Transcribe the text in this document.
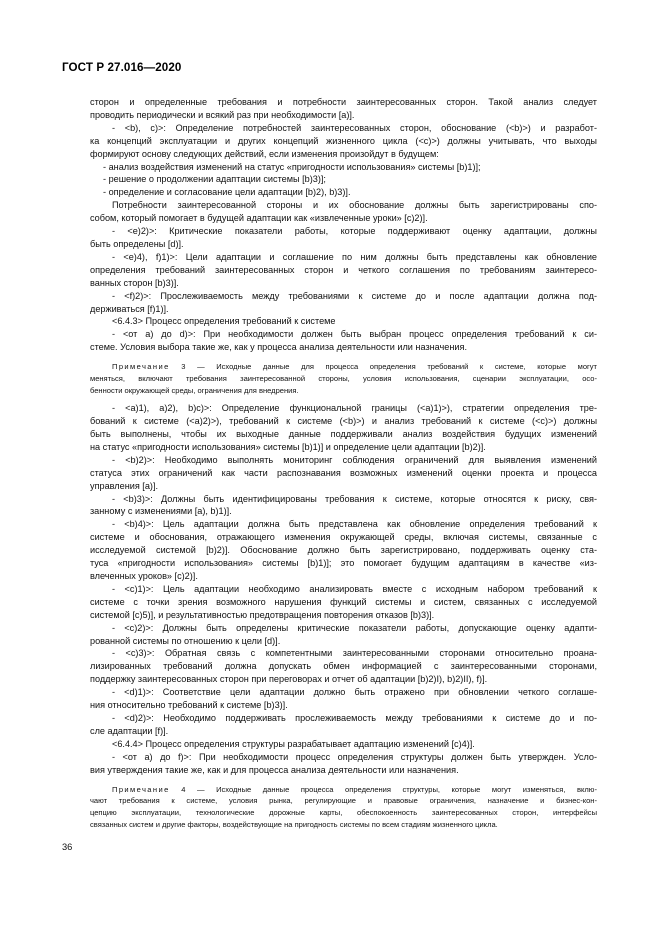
ГОСТ Р 27.016—2020

сторон и определенные требования и потребности заинтересованных сторон. Такой анализ следует

проводить периодически и всякий раз при необходимости [a)].

- <b), c)>: Определение потребностей заинтересованных сторон, обоснование (<b)>) и разработ-

ка концепций эксплуатации и других концепций жизненного цикла (<c)>) должны учитывать, что выходы

формируют основу следующих действий, если изменения произойдут в будущем:

- анализ воздействия изменений на статус «пригодности использования» системы [b)1)];

- решение о продолжении адаптации системы [b)3)];

- определение и согласование цели адаптации [b)2), b)3)].

Потребности заинтересованной стороны и их обоснование должны быть зарегистрированы спо-

собом, который помогает в будущей адаптации как «извлеченные уроки» [c)2)].

- <e)2)>: Критические показатели работы, которые поддерживают оценку адаптации, должны

быть определены [d)].

- <e)4), f)1)>: Цели адаптации и соглашение по ним должны быть представлены как обновление

определения требований заинтересованных сторон и четкого соглашения по требованиям заинтересо-

ванных сторон [b)3)].

- <f)2)>: Прослеживаемость между требованиями к системе до и после адаптации должна под-

держиваться [f)1)].

<6.4.3> Процесс определения требований к системе

- <от а) до d)>: При необходимости должен быть выбран процесс определения требований к си-

стеме. Условия выбора такие же, как у процесса анализа деятельности или назначения.

Примечание 3 — Исходные данные для процесса определения требований к системе, которые могут

меняться, включают требования заинтересованной стороны, условия использования, сценарии эксплуатации, осо-

бенности окружающей среды, ограничения для внедрения.

- <a)1), a)2), b)c)>: Определение функциональной границы (<a)1)>), стратегии определения тре-

бований к системе (<a)2)>), требований к системе (<b)>) и анализ требований к системе (<c)>) должны

быть выполнены, чтобы их выходные данные поддерживали анализ воздействия будущих изменений

на статус «пригодности использования» системы [b)1)] и определение цели адаптации [b)2)].

- <b)2)>: Необходимо выполнять мониторинг соблюдения ограничений для выявления изменений

статуса этих ограничений как части распознавания возможных изменений оценки проекта и процесса

управления [a)].

- <b)3)>: Должны быть идентифицированы требования к системе, которые относятся к риску, свя-

занному с изменениями [a), b)1)].

- <b)4)>: Цель адаптации должна быть представлена как обновление определения требований к

системе и обоснования, отражающего изменения окружающей среды, включая системы, связанные с

исследуемой системой [b)2)]. Обоснование должно быть зарегистрировано, поддерживать оценку ста-

туса «пригодности использования» системы [b)1)]; это помогает будущим адаптациям в качестве «из-

влеченных уроков» [c)2)].

- <c)1)>: Цель адаптации необходимо анализировать вместе с исходным набором требований к

системе с точки зрения возможного нарушения функций системы и систем, связанных с исследуемой

системой [c)5)], и результативностью предотвращения повторения отказов [b)3)].

- <c)2)>: Должны быть определены критические показатели работы, допускающие оценку адапти-

рованной системы по отношению к цели [d)].

- <c)3)>: Обратная связь с компетентными заинтересованными сторонами относительно проана-

лизированных требований должна допускать обмен информацией с заинтересованными сторонами,

поддержку заинтересованных сторон при переговорах и отчет об адаптации [b)2)I), b)2)II), f)].

- <d)1)>: Соответствие цели адаптации должно быть отражено при обновлении четкого соглаше-

ния относительно требований к системе [b)3)].

- <d)2)>: Необходимо поддерживать прослеживаемость между требованиями к системе до и по-

сле адаптации [f)].

<6.4.4> Процесс определения структуры разрабатывает адаптацию изменений [c)4)].

- <от а) до f)>: При необходимости процесс определения структуры должен быть утвержден. Усло-

вия утверждения такие же, как и для процесса анализа деятельности или назначения.

Примечание 4 — Исходные данные процесса определения структуры, которые могут изменяться, вклю-

чают требования к системе, условия рынка, регулирующие и правовые ограничения, назначение и бизнес-кон-

цепцию эксплуатации, технологические дорожные карты, обеспокоенность заинтересованных сторон, интерфейсы

связанных систем и другие факторы, воздействующие на пригодность системы по всем стадиям жизненного цикла.

36
